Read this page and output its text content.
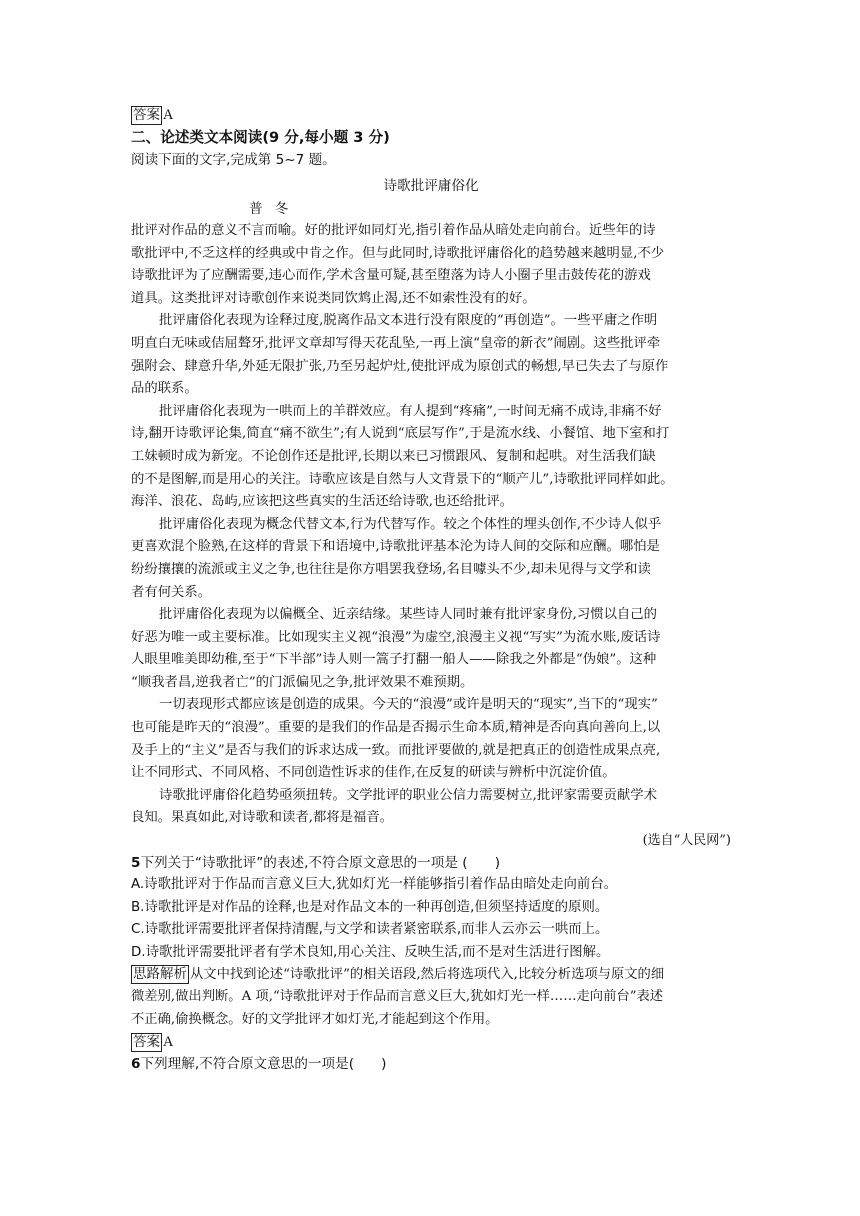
答案 A
二、论述类文本阅读(9 分,每小题 3 分)
阅读下面的文字,完成第 5~7 题。
诗歌批评庸俗化
普冬
批评对作品的意义不言而喻。好的批评如同灯光,指引着作品从暗处走向前台。近些年的诗
歌批评中,不乏这样的经典或中肯之作。但与此同时,诗歌批评庸俗化的趋势越来越明显,不少
诗歌批评为了应酬需要,违心而作,学术含量可疑,甚至堕落为诗人小圈子里击鼓传花的游戏
道具。这类批评对诗歌创作来说类同饮鸩止渴,还不如索性没有的好。
批评庸俗化表现为诠释过度,脱离作品文本进行没有限度的“再创造”。一些平庸之作明
明直白无味或佶屈聱牙,批评文章却写得天花乱坠,一再上演“皇帝的新衣”闹剧。这些批评牵
强附会、肆意升华,外延无限扩张,乃至另起炉灶,使批评成为原创式的畅想,早已失去了与原作
品的联系。
批评庸俗化表现为一哄而上的羊群效应。有人提到“疼痛”,一时间无痛不成诗,非痛不好
诗,翻开诗歌评论集,简直“痛不欲生”;有人说到“底层写作”,于是流水线、小餐馆、地下室和打
工妹顿时成为新宠。不论创作还是批评,长期以来已习惯跟风、复制和起哄。对生活我们缺
的不是图解,而是用心的关注。诗歌应该是自然与人文背景下的“顺产儿”,诗歌批评同样如此。
海洋、浪花、岛屿,应该把这些真实的生活还给诗歌,也还给批评。
批评庸俗化表现为概念代替文本,行为代替写作。较之个体性的埋头创作,不少诗人似乎
更喜欢混个脸熟,在这样的背景下和语境中,诗歌批评基本沦为诗人间的交际和应酬。哪怕是
纷纷攘攘的流派或主义之争,也往往是你方唱罢我登场,名目噱头不少,却未见得与文学和读
者有何关系。
批评庸俗化表现为以偏概全、近亲结缘。某些诗人同时兼有批评家身份,习惯以自己的
好恶为唯一或主要标准。比如现实主义视“浪漫”为虚空,浪漫主义视“写实”为流水账,废话诗
人眼里唯美即幼稚,至于“下半部”诗人则一篙子打翻一船人——除我之外都是“伪娘”。这种
“顺我者昌,逆我者亡”的门派偏见之争,批评效果不难预期。
一切表现形式都应该是创造的成果。今天的“浪漫”或许是明天的“现实”,当下的“现实”
也可能是昨天的“浪漫”。重要的是我们的作品是否揭示生命本质,精神是否向真向善向上,以
及手上的“主义”是否与我们的诉求达成一致。而批评要做的,就是把真正的创造性成果点亮,
让不同形式、不同风格、不同创造性诉求的佳作,在反复的研读与辨析中沉淀价值。
诗歌批评庸俗化趋势亟须扭转。文学批评的职业公信力需要树立,批评家需要贡献学术
良知。果真如此,对诗歌和读者,都将是福音。
(选自“人民网”)
5下列关于“诗歌批评”的表述,不符合原文意思的一项是 (　　)
A.诗歌批评对于作品而言意义巨大,犹如灯光一样能够指引着作品由暗处走向前台。
B.诗歌批评是对作品的诠释,也是对作品文本的一种再创造,但须坚持适度的原则。
C.诗歌批评需要批评者保持清醒,与文学和读者紧密联系,而非人云亦云一哄而上。
D.诗歌批评需要批评者有学术良知,用心关注、反映生活,而不是对生活进行图解。
思路解析 从文中找到论述“诗歌批评”的相关语段,然后将选项代入,比较分析选项与原文的细
微差别,做出判断。A 项,“诗歌批评对于作品而言意义巨大,犹如灯光一样……走向前台”表述
不正确,偷换概念。好的文学批评才如灯光,才能起到这个作用。
答案 A
6下列理解,不符合原文意思的一项是(　　)
